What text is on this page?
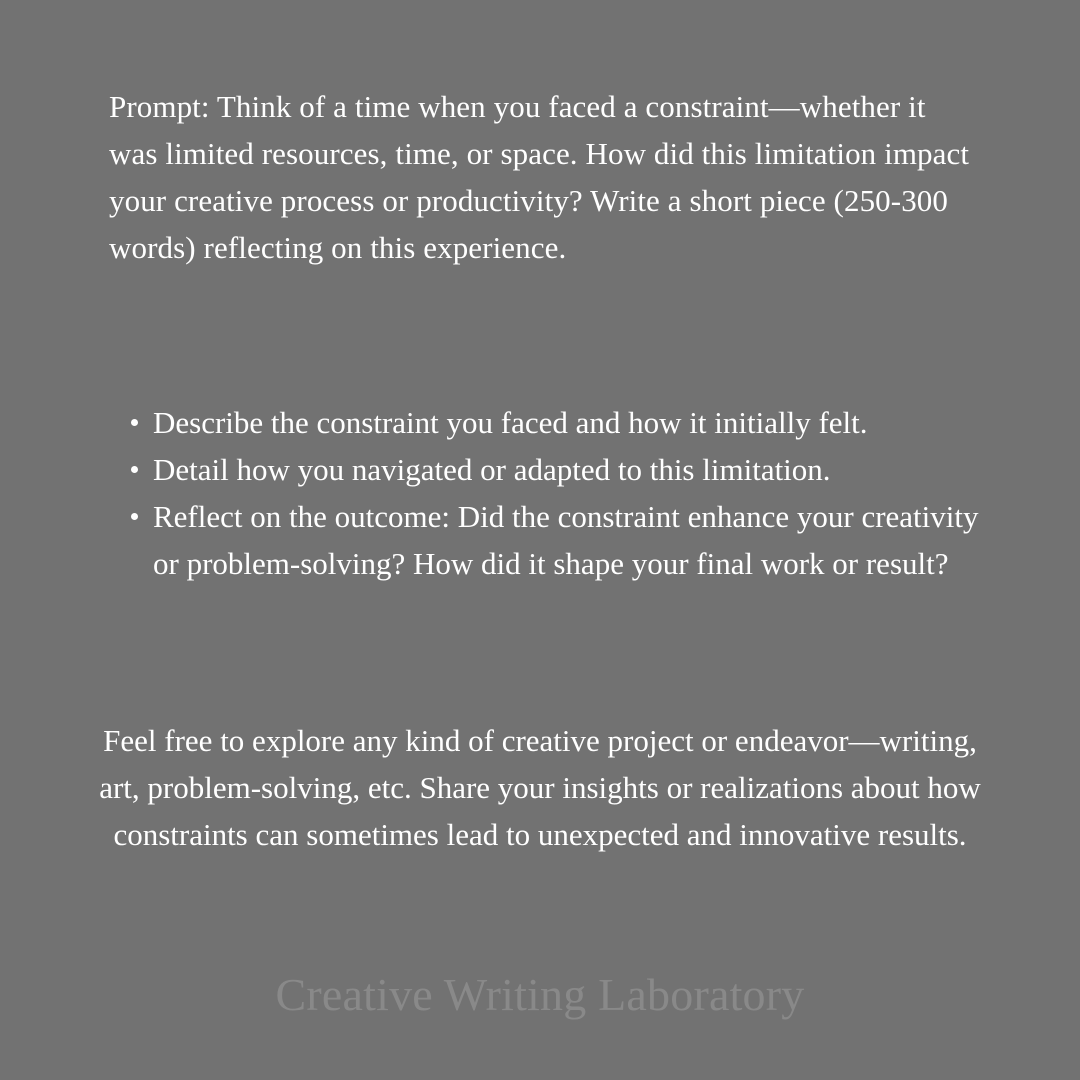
Prompt: Think of a time when you faced a constraint—whether it was limited resources, time, or space. How did this limitation impact your creative process or productivity? Write a short piece (250-300 words) reflecting on this experience.

Describe the constraint you faced and how it initially felt.
Detail how you navigated or adapted to this limitation.
Reflect on the outcome: Did the constraint enhance your creativity or problem-solving? How did it shape your final work or result?

Feel free to explore any kind of creative project or endeavor—writing, art, problem-solving, etc. Share your insights or realizations about how constraints can sometimes lead to unexpected and innovative results.

Creative Writing Laboratory
